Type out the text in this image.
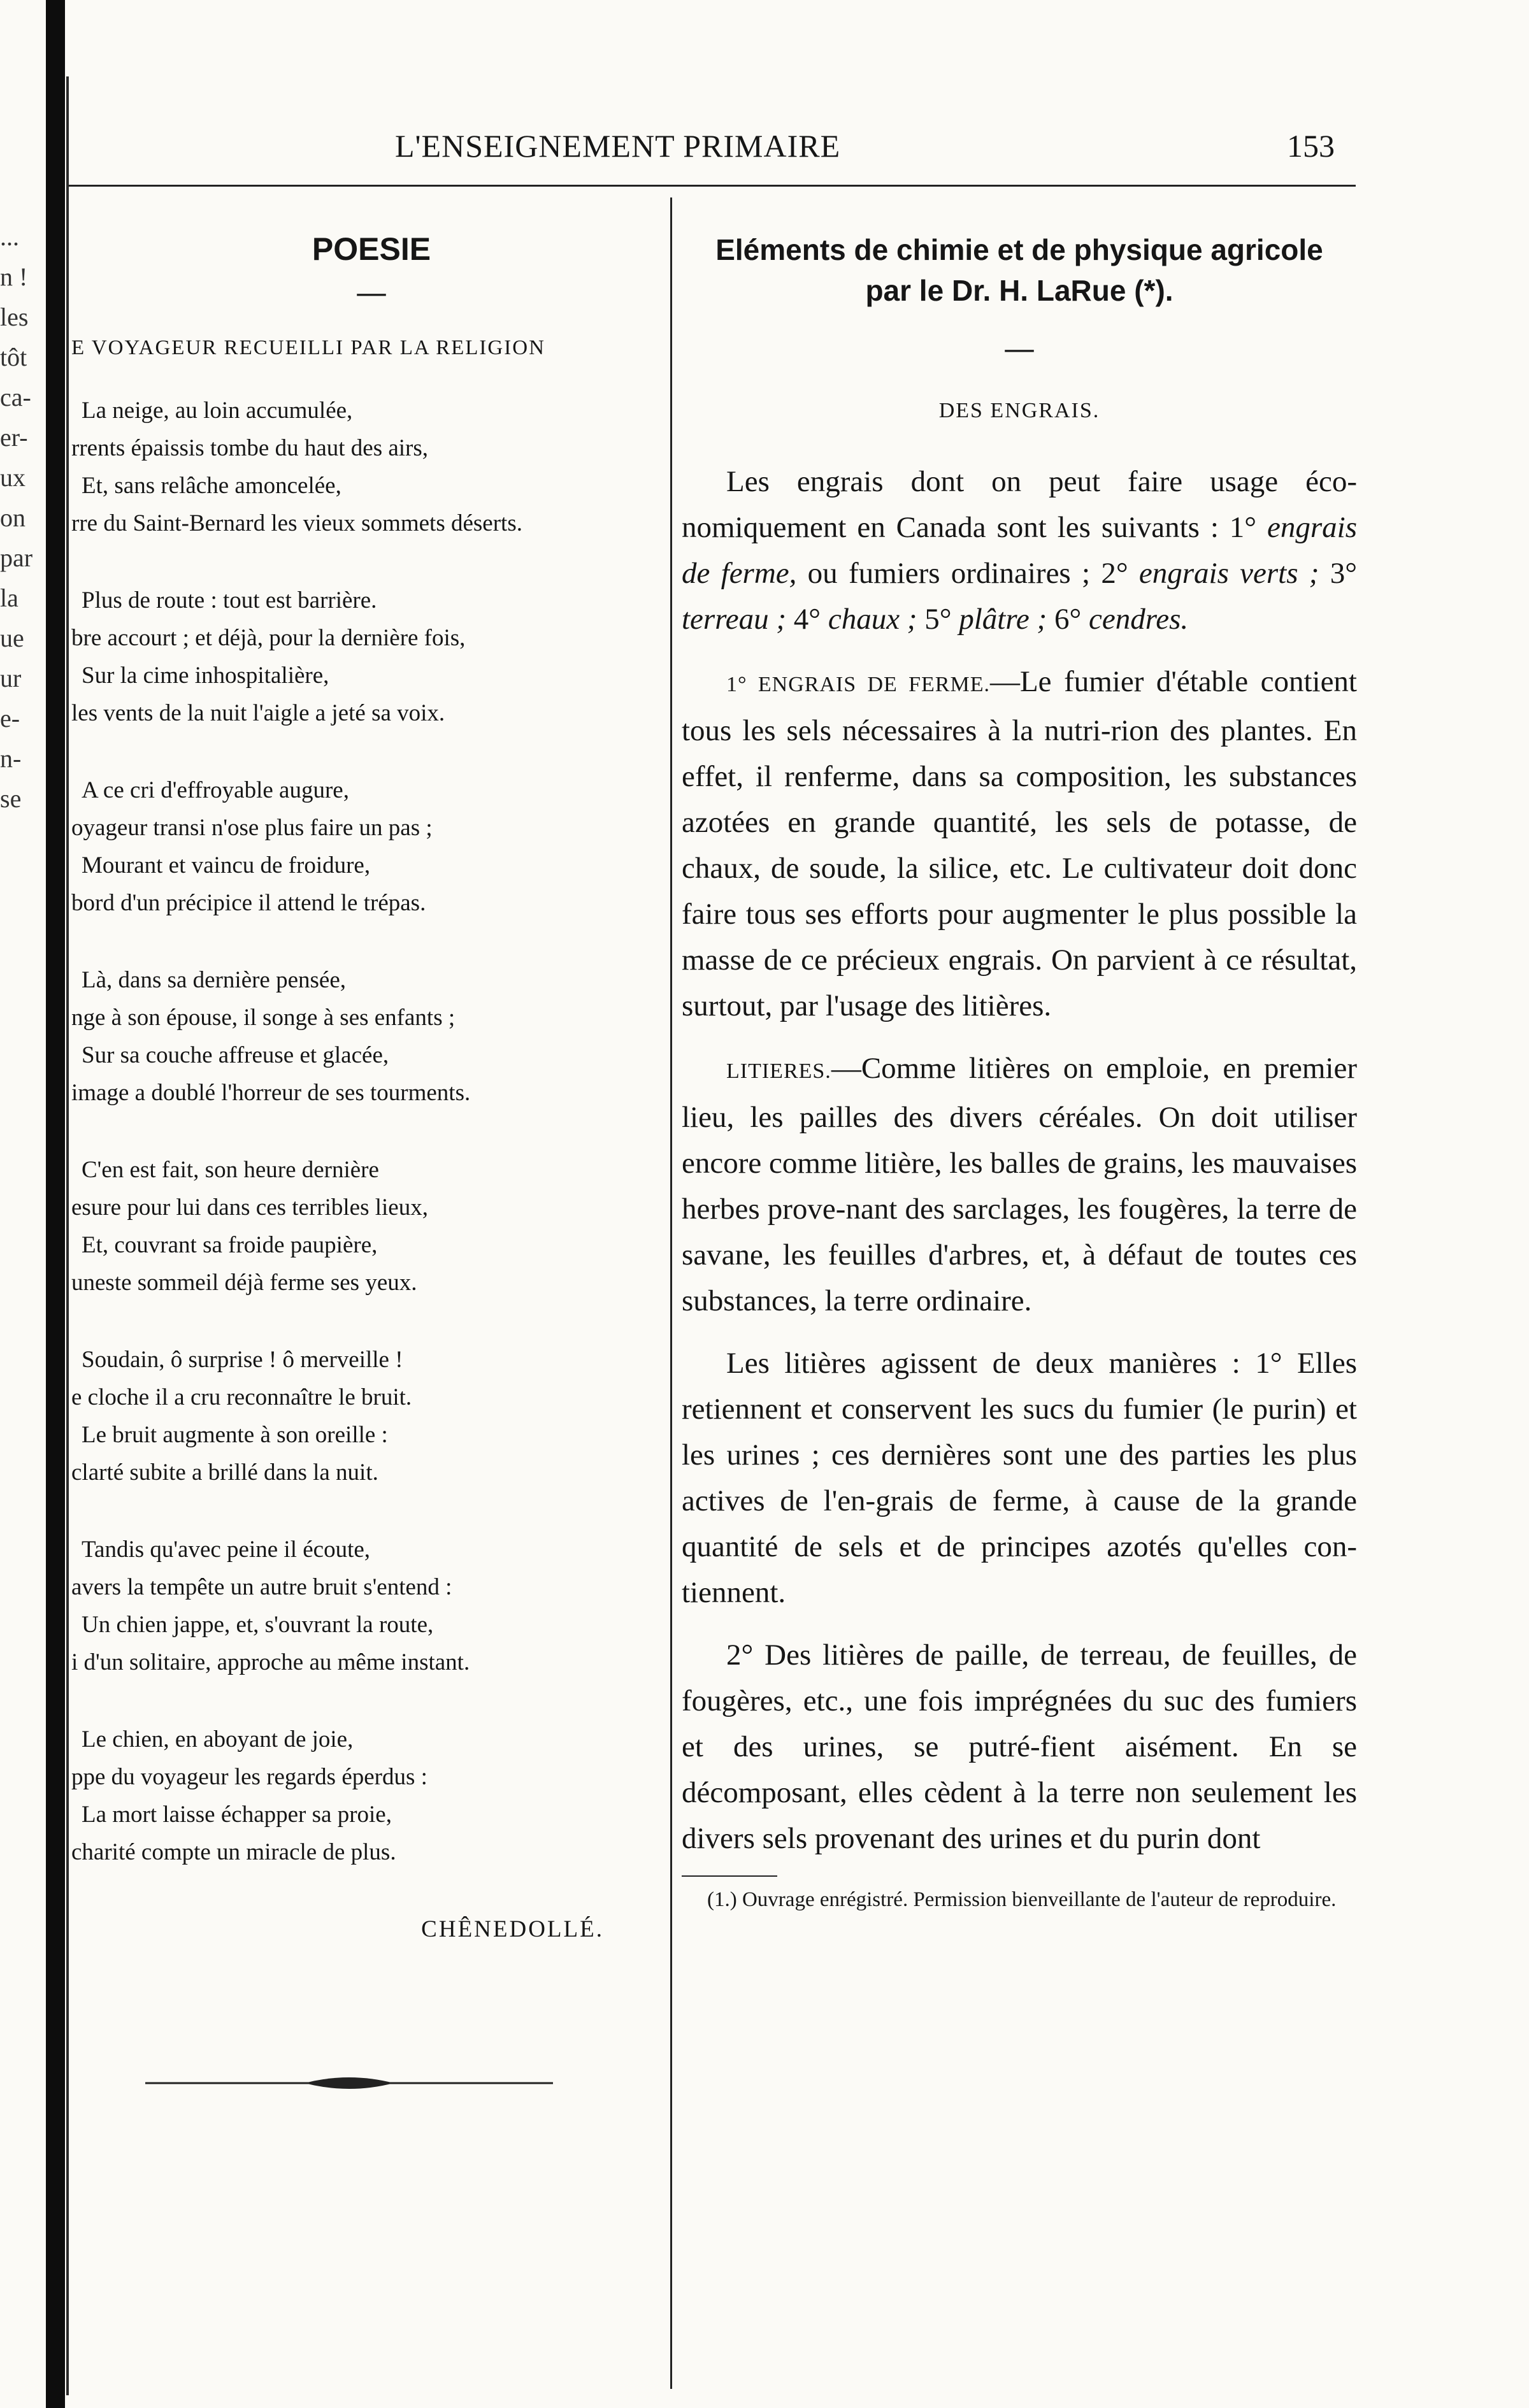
...
n !
les
tôt
ca-
er-
ux
on
par
la
ue
ur
e-
n-
se
L'ENSEIGNEMENT PRIMAIRE	153
POESIE
—
E VOYAGEUR RECUEILLI PAR LA RELIGION
La neige, au loin accumulée,
rrents épaissis tombe du haut des airs,
Et, sans relâche amoncelée,
rre du Saint-Bernard les vieux sommets déserts.
Plus de route : tout est barrière.
bre accourt ; et déjà, pour la dernière fois,
Sur la cime inhospitalière,
les vents de la nuit l'aigle a jeté sa voix.
A ce cri d'effroyable augure,
oyageur transi n'ose plus faire un pas ;
Mourant et vaincu de froidure,
bord d'un précipice il attend le trépas.
Là, dans sa dernière pensée,
nge à son épouse, il songe à ses enfants ;
Sur sa couche affreuse et glacée,
image a doublé l'horreur de ses tourments.
C'en est fait, son heure dernière
esure pour lui dans ces terribles lieux,
Et, couvrant sa froide paupière,
uneste sommeil déjà ferme ses yeux.
Soudain, ô surprise ! ô merveille !
e cloche il a cru reconnaître le bruit.
Le bruit augmente à son oreille :
clarté subite a brillé dans la nuit.
Tandis qu'avec peine il écoute,
avers la tempête un autre bruit s'entend :
Un chien jappe, et, s'ouvrant la route,
i d'un solitaire, approche au même instant.
Le chien, en aboyant de joie,
ppe du voyageur les regards éperdus :
La mort laisse échapper sa proie,
charité compte un miracle de plus.
CHÊNEDOLLÉ.
Eléments de chimie et de physique agricole
par le Dr. H. LaRue (*).
—
DES ENGRAIS.

Les engrais dont on peut faire usage éco-nomiquement en Canada sont les suivants : 1° engrais de ferme, ou fumiers ordinaires ; 2° engrais verts ; 3° terreau ; 4° chaux ; 5° plâtre ; 6° cendres.

1° ENGRAIS DE FERME.—Le fumier d'étable contient tous les sels nécessaires à la nutri-rion des plantes. En effet, il renferme, dans sa composition, les substances azotées en grande quantité, les sels de potasse, de chaux, de soude, la silice, etc. Le cultivateur doit donc faire tous ses efforts pour augmenter le plus possible la masse de ce précieux engrais. On parvient à ce résultat, surtout, par l'usage des litières.

LITIERES.—Comme litières on emploie, en premier lieu, les pailles des divers céréales. On doit utiliser encore comme litière, les balles de grains, les mauvaises herbes prove-nant des sarclages, les fougères, la terre de savane, les feuilles d'arbres, et, à défaut de toutes ces substances, la terre ordinaire.

Les litières agissent de deux manières : 1° Elles retiennent et conservent les sucs du fumier (le purin) et les urines ; ces dernières sont une des parties les plus actives de l'en-grais de ferme, à cause de la grande quantité de sels et de principes azotés qu'elles con-tiennent.

2° Des litières de paille, de terreau, de feuilles, de fougères, etc., une fois imprégnées du suc des fumiers et des urines, se putré-fient aisément. En se décomposant, elles cèdent à la terre non seulement les divers sels provenant des urines et du purin dont

(1.) Ouvrage enrégistré. Permission bienveillante de l'auteur de reproduire.
